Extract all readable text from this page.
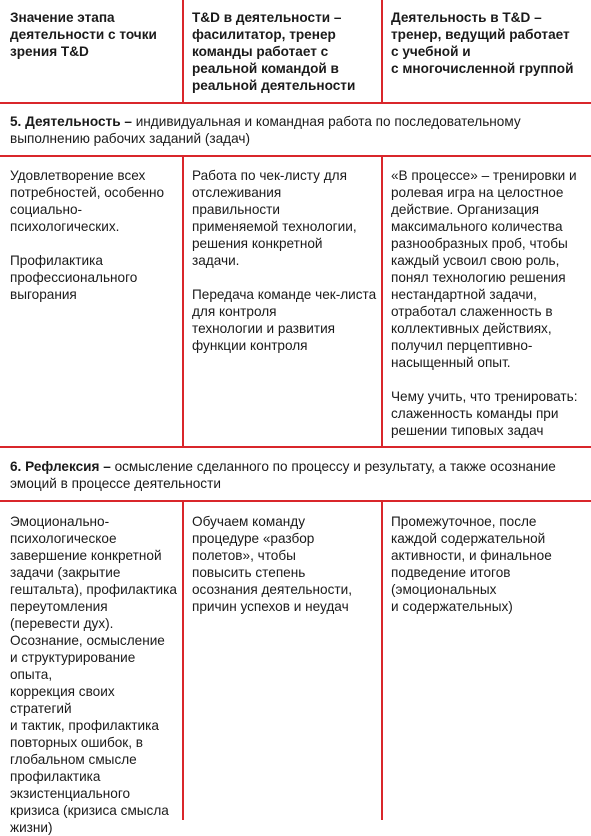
Значение этапа
деятельности с точки
зрения T&D
T&D в деятельности –
фасилитатор, тренер
команды работает с
реальной командой в
реальной деятельности
Деятельность в T&D –
тренер, ведущий работает
с учебной и
с многочисленной группой
5. Деятельность – индивидуальная и командная работа по последовательному
выполнению рабочих заданий (задач)
Удовлетворение всех
потребностей, особенно
социально-
психологических.

Профилактика
профессионального
выгорания
Работа по чек-листу для
отслеживания
правильности
применяемой технологии,
решения конкретной
задачи.

Передача команде чек-листа
для контроля
технологии и развития
функции контроля
«В процессе» – тренировки и
ролевая игра на целостное
действие. Организация
максимального количества
разнообразных проб, чтобы
каждый усвоил свою роль,
понял технологию решения
нестандартной задачи,
отработал слаженность в
коллективных действиях,
получил перцептивно-
насыщенный опыт.

Чему учить, что тренировать:
слаженность команды при
решении типовых задач
6. Рефлексия – осмысление сделанного по процессу и результату, а также осознание
эмоций в процессе деятельности
Эмоционально-
психологическое
завершение конкретной
задачи (закрытие
гештальта), профилактика
переутомления
(перевести дух).
Осознание, осмысление
и структурирование опыта,
коррекция своих стратегий
и тактик, профилактика
повторных ошибок, в
глобальном смысле
профилактика
экзистенциального
кризиса (кризиса смысла
жизни)
Обучаем команду
процедуре «разбор
полетов», чтобы
повысить степень
осознания деятельности,
причин успехов и неудач
Промежуточное, после
каждой содержательной
активности, и финальное
подведение итогов
(эмоциональных
и содержательных)
